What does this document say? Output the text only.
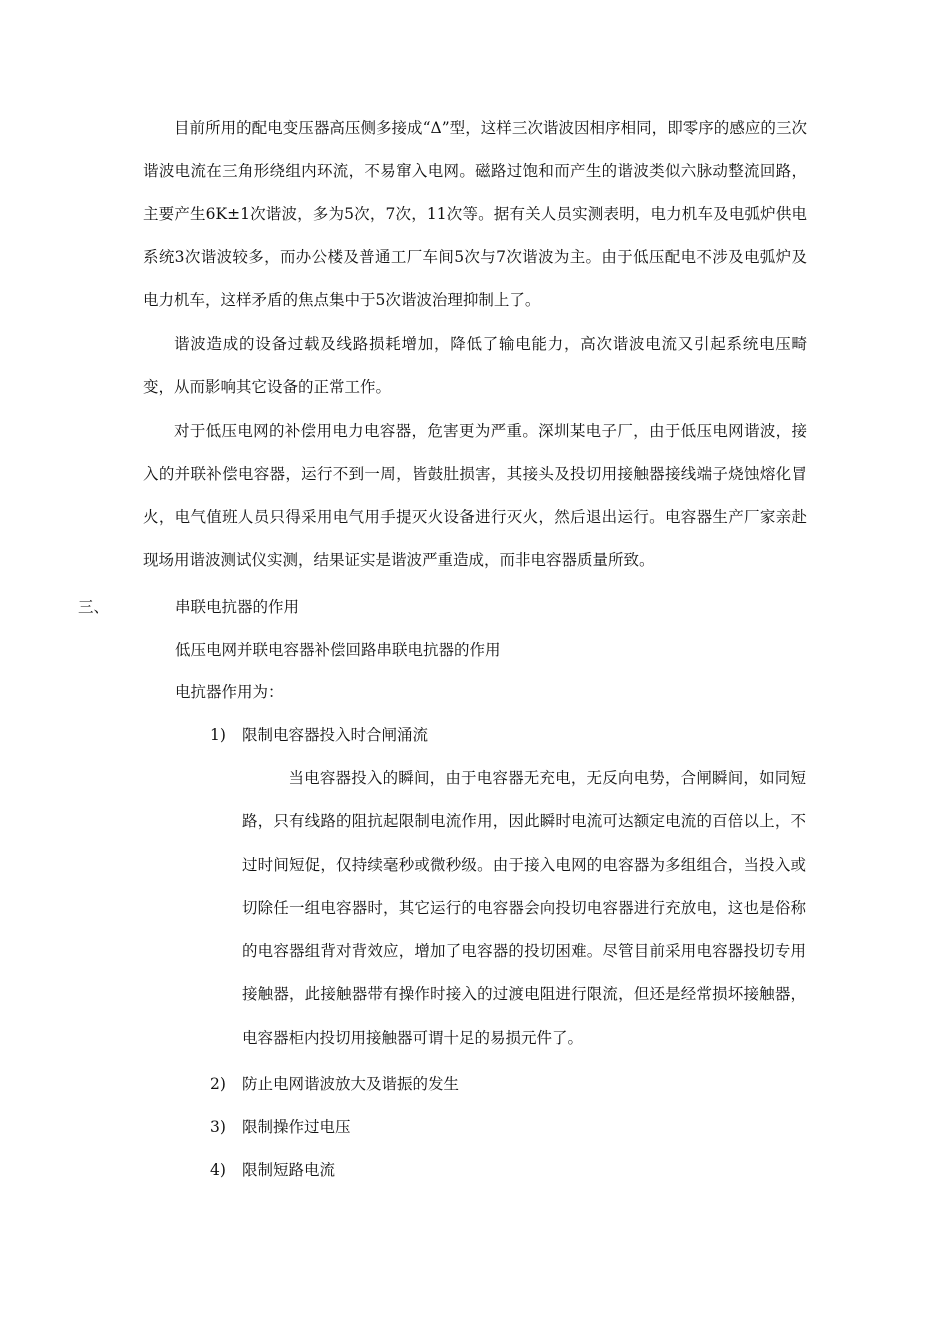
目前所用的配电变压器高压侧多接成“Δ”型，这样三次谐波因相序相同，即零序的感应的三次谐波电流在三角形绕组内环流，不易窜入电网。磁路过饱和而产生的谐波类似六脉动整流回路，主要产生6K±1次谐波，多为5次，7次，11次等。据有关人员实测表明，电力机车及电弧炉供电系统3次谐波较多，而办公楼及普通工厂车间5次与7次谐波为主。由于低压配电不涉及电弧炉及电力机车，这样矛盾的焦点集中于5次谐波治理抑制上了。

谐波造成的设备过载及线路损耗增加，降低了输电能力，高次谐波电流又引起系统电压畸变，从而影响其它设备的正常工作。

对于低压电网的补偿用电力电容器，危害更为严重。深圳某电子厂，由于低压电网谐波，接入的并联补偿电容器，运行不到一周，皆鼓肚损害，其接头及投切用接触器接线端子烧蚀熔化冒火，电气值班人员只得采用电气用手提灭火设备进行灭火，然后退出运行。电容器生产厂家亲赴现场用谐波测试仪实测，结果证实是谐波严重造成，而非电容器质量所致。

三、	串联电抗器的作用

低压电网并联电容器补偿回路串联电抗器的作用

电抗器作用为：

1) 限制电容器投入时合闸涌流

当电容器投入的瞬间，由于电容器无充电，无反向电势，合闸瞬间，如同短路，只有线路的阻抗起限制电流作用，因此瞬时电流可达额定电流的百倍以上，不过时间短促，仅持续毫秒或微秒级。由于接入电网的电容器为多组组合，当投入或切除任一组电容器时，其它运行的电容器会向投切电容器进行充放电，这也是俗称的电容器组背对背效应，增加了电容器的投切困难。尽管目前采用电容器投切专用接触器，此接触器带有操作时接入的过渡电阻进行限流，但还是经常损坏接触器，电容器柜内投切用接触器可谓十足的易损元件了。

2) 防止电网谐波放大及谐振的发生

3) 限制操作过电压

4) 限制短路电流
